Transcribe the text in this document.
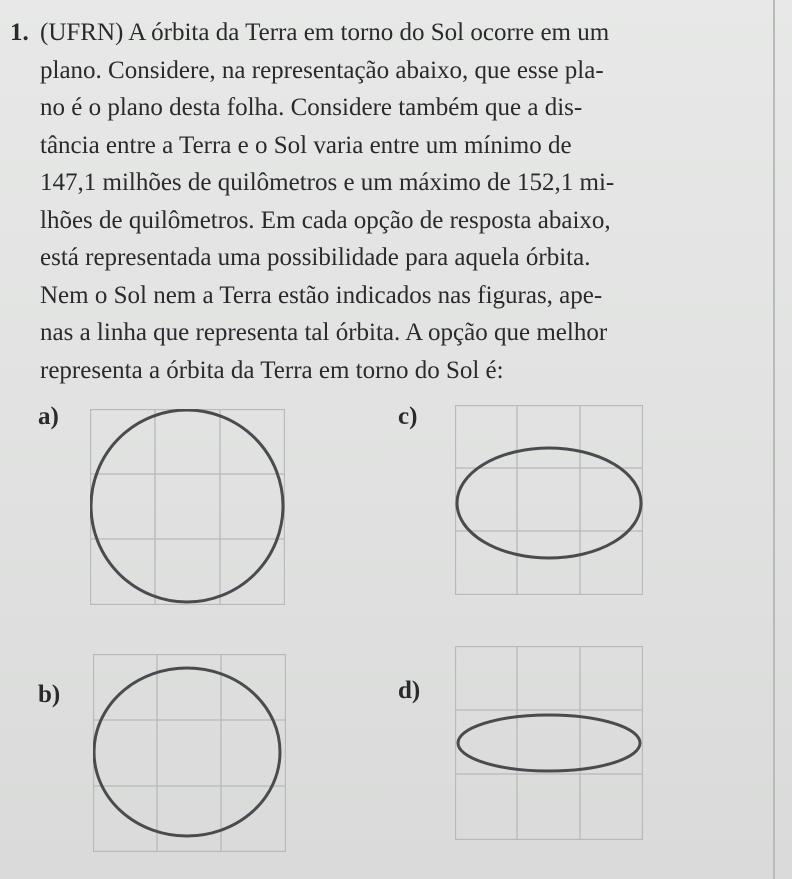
1. (UFRN) A órbita da Terra em torno do Sol ocorre em um
plano. Considere, na representação abaixo, que esse pla-
no é o plano desta folha. Considere também que a dis-
tância entre a Terra e o Sol varia entre um mínimo de
147,1 milhões de quilômetros e um máximo de 152,1 mi-
lhões de quilômetros. Em cada opção de resposta abaixo,
está representada uma possibilidade para aquela órbita.
Nem o Sol nem a Terra estão indicados nas figuras, ape-
nas a linha que representa tal órbita. A opção que melhor
representa a órbita da Terra em torno do Sol é:
a)
b)
c)
d)
